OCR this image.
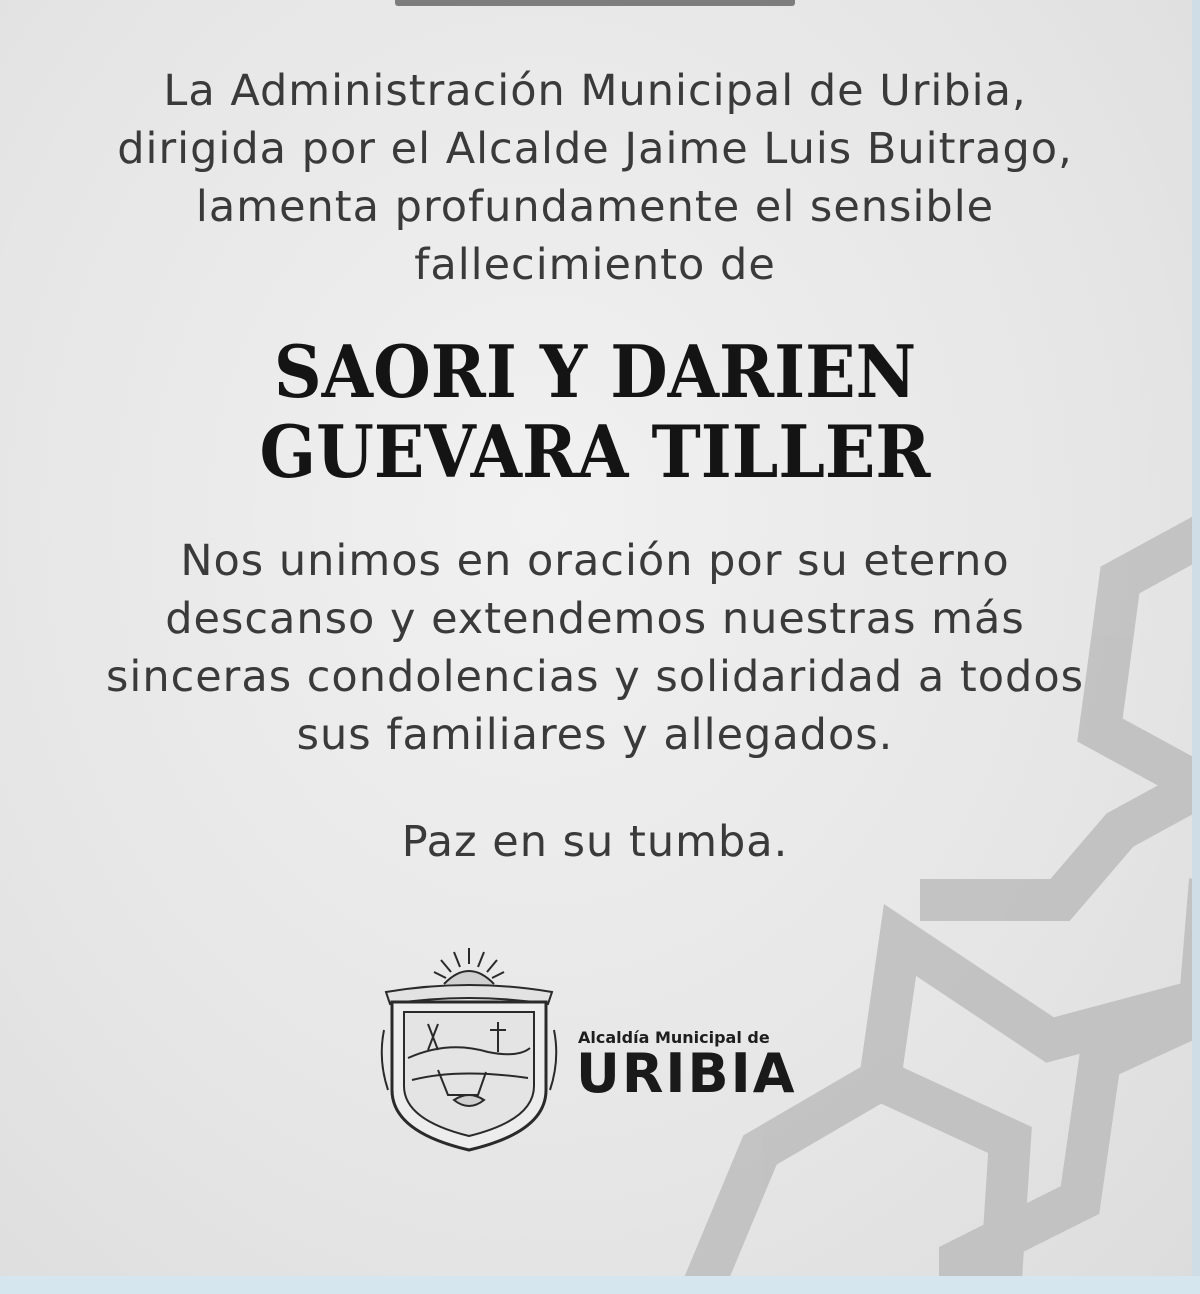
La Administración Municipal de Uribia, dirigida por el Alcalde Jaime Luis Buitrago, lamenta profundamente el sensible fallecimiento de
SAORI Y DARIEN
GUEVARA TILLER
Nos unimos en oración por su eterno descanso y extendemos nuestras más sinceras condolencias y solidaridad a todos sus familiares y allegados.
Paz en su tumba.
Alcaldía Municipal de
URIBIA
